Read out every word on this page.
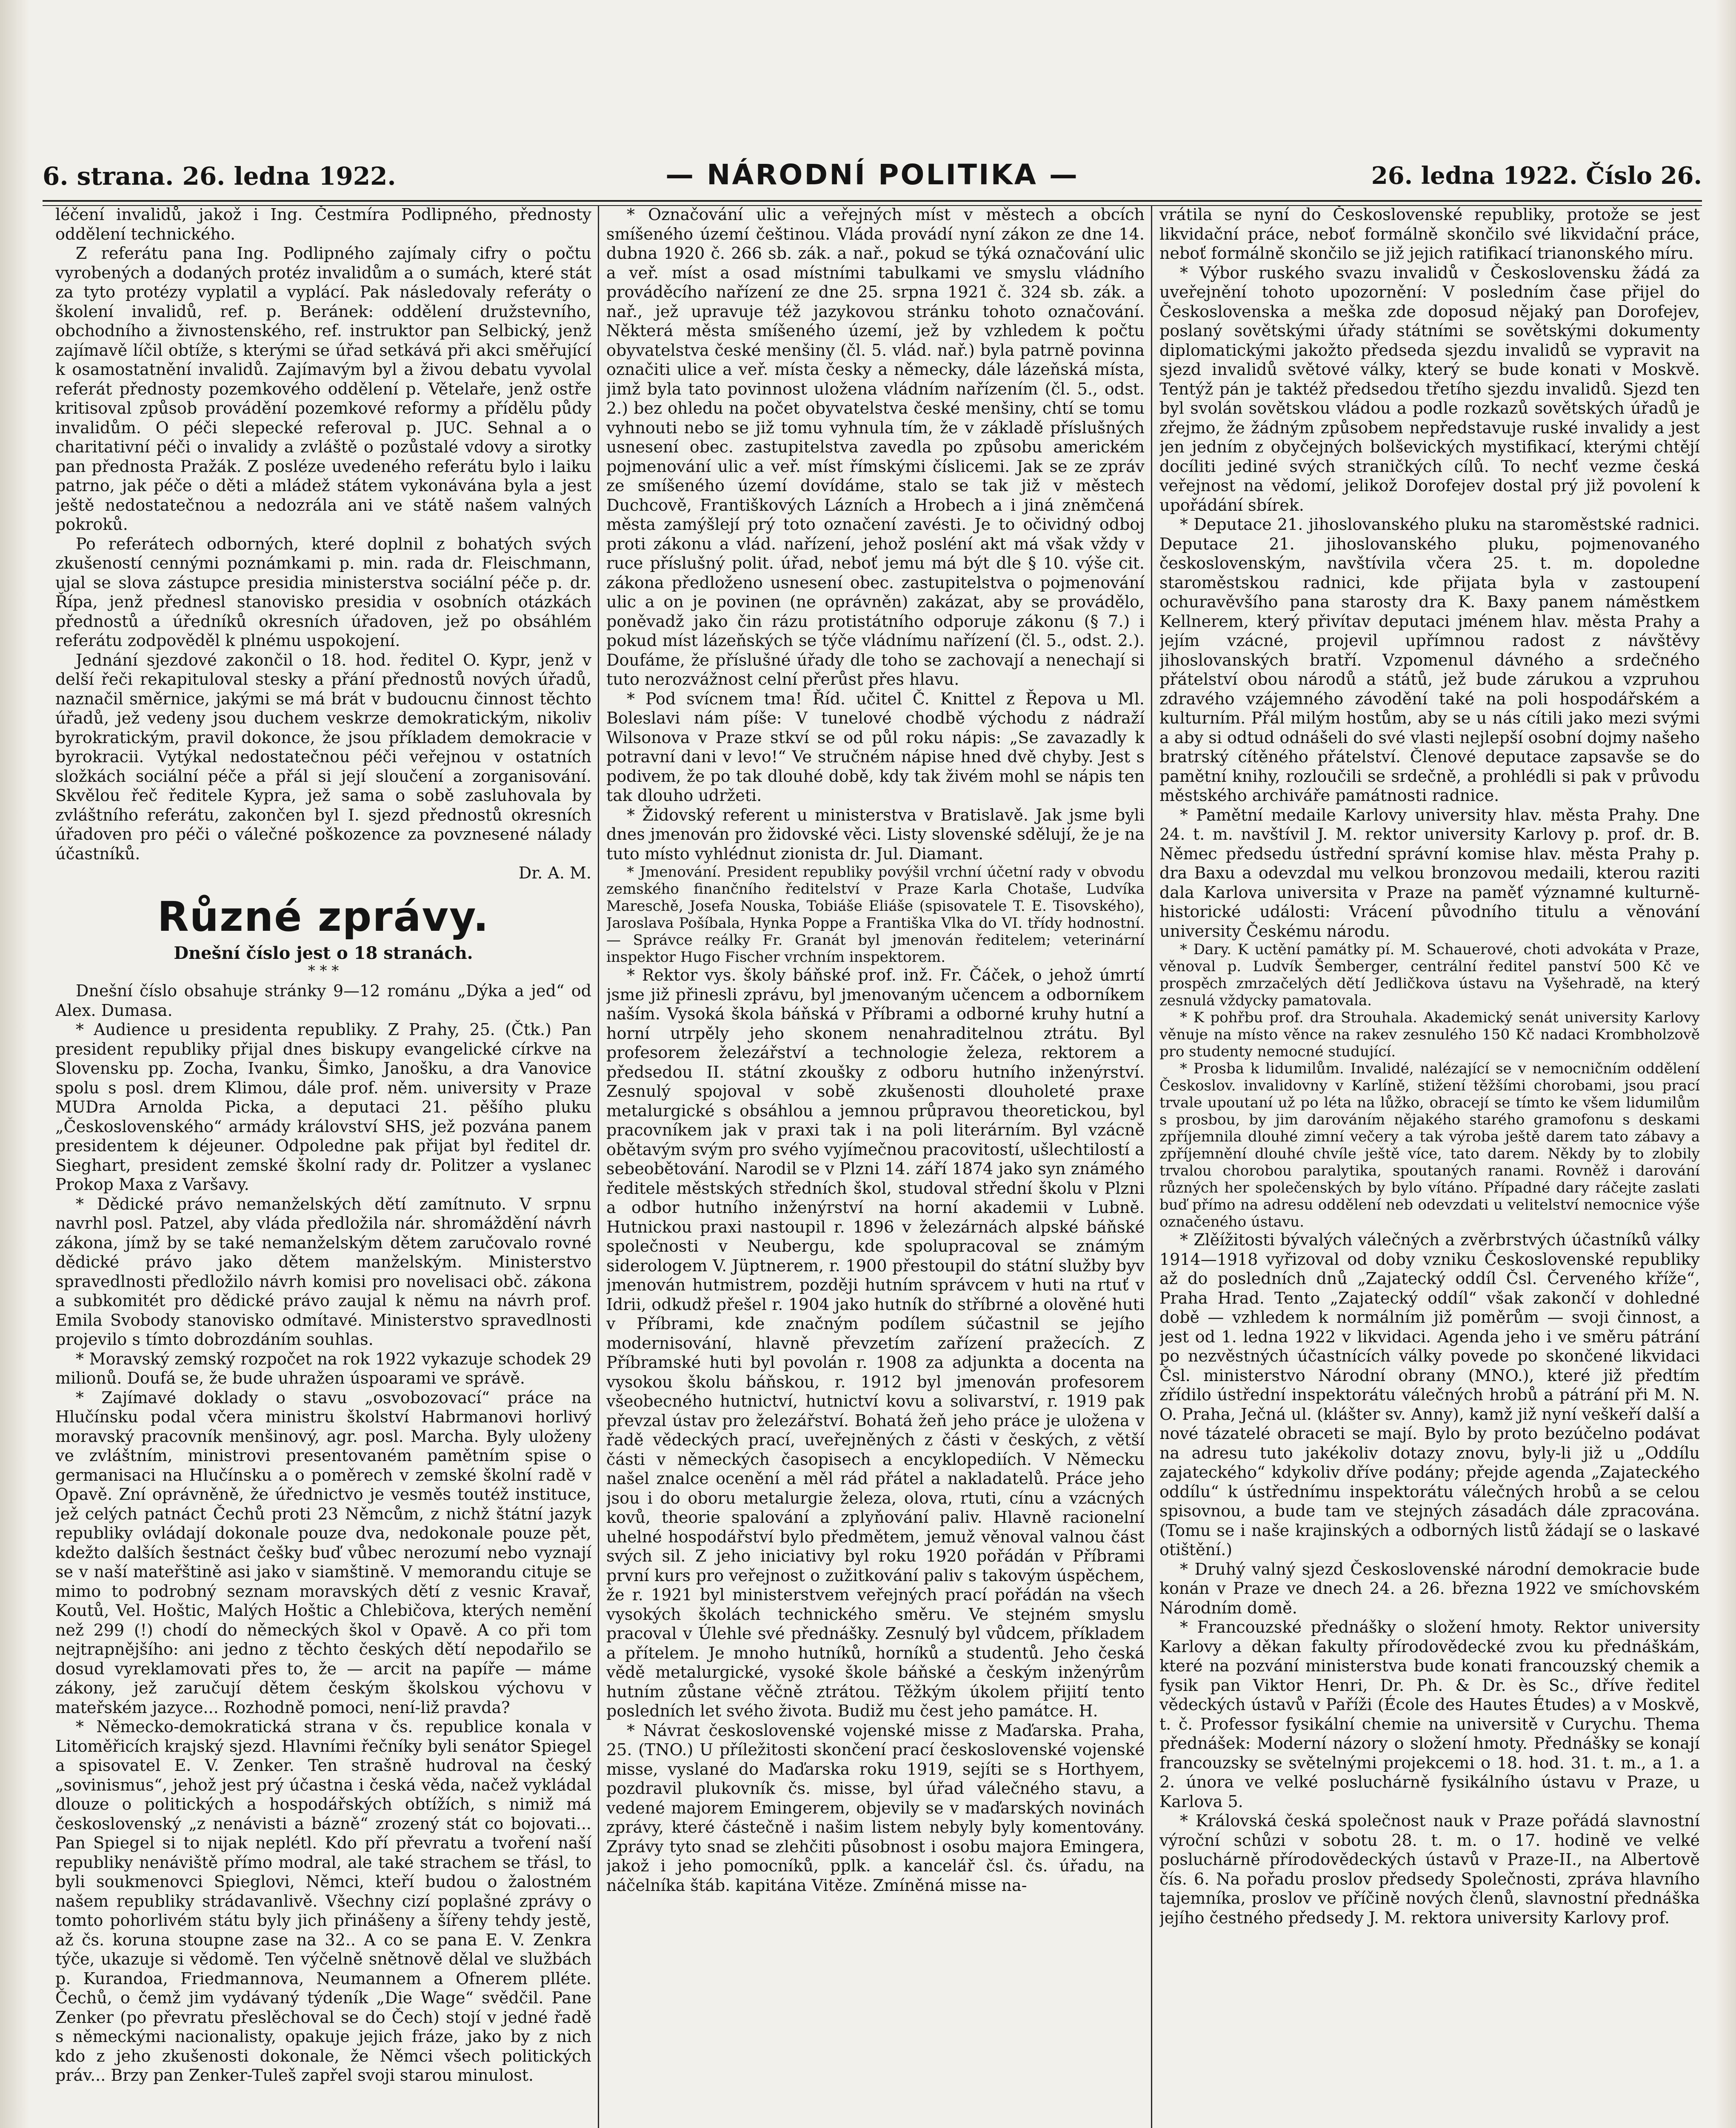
6. strana. 26. ledna 1922.	— NÁRODNÍ POLITIKA —	26. ledna 1922. Číslo 26.

léčení invalidů, jakož i Ing. Čestmíra Podlipného, přednosty oddělení technického.

Z referátu pana Ing. Podlipného zajímaly cifry o počtu vyrobených a dodaných protéz invalidům a o sumách, které stát za tyto protézy vyplatil a vyplácí. Pak následovaly referáty o školení invalidů, ref. p. Beránek: oddělení družstevního, obchodního a živnostenského, ref. instruktor pan Selbický, jenž zajímavě líčil obtíže, s kterými se úřad setkává při akci směřující k osamostatnění invalidů. Zajímavým byl a živou debatu vyvolal referát přednosty pozemkového oddělení p. Větelaře, jenž ostře kritisoval způsob provádění pozemkové reformy a přídělu půdy invalidům. O péči slepecké referoval p. JUC. Sehnal a o charitativní péči o invalidy a zvláště o pozůstalé vdovy a sirotky pan přednosta Pražák. Z posléze uvedeného referátu bylo i laiku patrno, jak péče o děti a mládež státem vykonávána byla a jest ještě nedostatečnou a nedozrála ani ve státě našem valných pokroků.

Po referátech odborných, které doplnil z bohatých svých zkušeností cennými poznámkami p. min. rada dr. Fleischmann, ujal se slova zástupce presidia ministerstva sociální péče p. dr. Řípa, jenž přednesl stanovisko presidia v osobních otázkách přednostů a úředníků okresních úřadoven, jež po obsáhlém referátu zodpověděl k plnému uspokojení.

Jednání sjezdové zakončil o 18. hod. ředitel O. Kypr, jenž v delší řeči rekapituloval stesky a přání přednostů nových úřadů, naznačil směrnice, jakými se má brát v budoucnu činnost těchto úřadů, jež vedeny jsou duchem veskrze demokratickým, nikoliv byrokratickým, pravil dokonce, že jsou příkladem demokracie v byrokracii. Vytýkal nedostatečnou péči veřejnou v ostatních složkách sociální péče a přál si její sloučení a zorganisování. Skvělou řeč ředitele Kypra, jež sama o sobě zasluhovala by zvláštního referátu, zakončen byl I. sjezd přednostů okresních úřadoven pro péči o válečné poškozence za povznesené nálady účastníků.

Dr. A. M.

Různé zprávy.

Dnešní číslo jest o 18 stranách.

* * *

Dnešní číslo obsahuje stránky 9—12 románu „Dýka a jed“ od Alex. Dumasa.

* Audience u presidenta republiky. Z Prahy, 25. (Čtk.) Pan president republiky přijal dnes biskupy evangelické církve na Slovensku pp. Zocha, Ivanku, Šimko, Janošku, a dra Vanovice spolu s posl. drem Klimou, dále prof. něm. university v Praze MUDra Arnolda Picka, a deputaci 21. pěšího pluku „Československého“ armády království SHS, jež pozvána panem presidentem k déjeuner. Odpoledne pak přijat byl ředitel dr. Sieghart, president zemské školní rady dr. Politzer a vyslanec Prokop Maxa z Varšavy.

* Dědické právo nemanželských dětí zamítnuto. V srpnu navrhl posl. Patzel, aby vláda předložila nár. shromáždění návrh zákona, jímž by se také nemanželským dětem zaručovalo rovné dědické právo jako dětem manželským. Ministerstvo spravedlnosti předložilo návrh komisi pro novelisaci obč. zákona a subkomitét pro dědické právo zaujal k němu na návrh prof. Emila Svobody stanovisko odmítavé. Ministerstvo spravedlnosti projevilo s tímto dobrozdáním souhlas.

* Moravský zemský rozpočet na rok 1922 vykazuje schodek 29 milionů. Doufá se, že bude uhražen úspoarami ve správě.

* Zajímavé doklady o stavu „osvobozovací“ práce na Hlučínsku podal včera ministru školství Habrmanovi horlivý moravský pracovník menšinový, agr. posl. Marcha. Byly uloženy ve zvláštním, ministrovi presentovaném pamětním spise o germanisaci na Hlučínsku a o poměrech v zemské školní radě v Opavě. Zní oprávněně, že úřednictvo je vesměs toutéž instituce, jež celých patnáct Čechů proti 23 Němcům, z nichž štátní jazyk republiky ovládají dokonale pouze dva, nedokonale pouze pět, kdežto dalších šestnáct češky buď vůbec nerozumí nebo vyznají se v naší mateřštině asi jako v siamštině. V memorandu cituje se mimo to podrobný seznam moravských dětí z vesnic Kravař, Koutů, Vel. Hoštic, Malých Hoštic a Chlebičova, kterých nemění než 299 (!) chodí do německých škol v Opavě. A co při tom nejtrapnějšího: ani jedno z těchto českých dětí nepodařilo se dosud vyreklamovati přes to, že — arcit na papíře — máme zákony, jež zaručují dětem českým školskou výchovu v mateřském jazyce... Rozhodně pomoci, není-liž pravda?

* Německo-demokratická strana v čs. republice konala v Litoměřicích krajský sjezd. Hlavními řečníky byli senátor Spiegel a spisovatel E. V. Zenker. Ten strašně hudroval na český „sovinismus“, jehož jest prý účastna i česká věda, načež vykládal dlouze o politických a hospodářských obtížích, s nimiž má československý „z nenávisti a bázně“ zrozený stát co bojovati... Pan Spiegel si to nijak neplétl. Kdo pří převratu a tvoření naší republiky nenáviště přímo modral, ale také strachem se třásl, to byli soukmenovci Spieglovi, Němci, kteří budou o žalostném našem republiky strádavanlivě. Všechny cizí poplašné zprávy o tomto pohorlivém státu byly jich přinášeny a šířeny tehdy jestě, až čs. koruna stoupne zase na 32.. A co se pana E. V. Zenkra týče, ukazuje si vědomě. Ten výčelně snětnově dělal ve službách p. Kurandoa, Friedmannova, Neumannem a Ofnerem plléte. Čechů, o čemž jim vydávaný týdeník „Die Wage“ svědčil. Pane Zenker (po převratu přeslěchoval se do Čech) stojí v jedné řadě s německými nacionalisty, opakuje jejich fráze, jako by z nich kdo z jeho zkušenosti dokonale, že Němci všech politických práv... Brzy pan Zenker-Tuleš zapřel svoji starou minulost.

* Označování ulic a veřejných míst v městech a obcích smíšeného území češtinou. Vláda provádí nyní zákon ze dne 14. dubna 1920 č. 266 sb. zák. a nař., pokud se týká označování ulic a veř. míst a osad místními tabulkami ve smyslu vládního prováděcího nařízení ze dne 25. srpna 1921 č. 324 sb. zák. a nař., jež upravuje též jazykovou stránku tohoto označování. Některá města smíšeného území, jež by vzhledem k počtu obyvatelstva české menšiny (čl. 5. vlád. nař.) byla patrně povinna označiti ulice a veř. místa česky a německy, dále lázeňská místa, jimž byla tato povinnost uložena vládním nařízením (čl. 5., odst. 2.) bez ohledu na počet obyvatelstva české menšiny, chtí se tomu vyhnouti nebo se již tomu vyhnula tím, že v základě příslušných usnesení obec. zastupitelstva zavedla po způsobu americkém pojmenování ulic a veř. míst římskými číslicemi. Jak se ze zpráv ze smíšeného území dovídáme, stalo se tak již v městech Duchcově, Františkových Lázních a Hrobech a i jiná zněmčená města zamýšlejí prý toto označení zavésti. Je to očividný odboj proti zákonu a vlád. nařízení, jehož posléní akt má však vždy v ruce příslušný polit. úřad, neboť jemu má být dle § 10. výše cit. zákona předloženo usnesení obec. zastupitelstva o pojmenování ulic a on je povinen (ne oprávněn) zakázat, aby se provádělo, poněvadž jako čin rázu protistátního odporuje zákonu (§ 7.) i pokud míst lázeňských se týče vládnímu nařízení (čl. 5., odst. 2.). Doufáme, že příslušné úřady dle toho se zachovají a nenechají si tuto nerozvážnost celní přerůst přes hlavu.

* Pod svícnem tma! Říd. učitel Č. Knittel z Řepova u Ml. Boleslavi nám píše: V tunelové chodbě východu z nádraží Wilsonova v Praze stkví se od půl roku nápis: „Se zavazadly k potravní dani v levo!“ Ve stručném nápise hned dvě chyby. Jest s podivem, že po tak dlouhé době, kdy tak živém mohl se nápis ten tak dlouho udržeti.

* Židovský referent u ministerstva v Bratislavě. Jak jsme byli dnes jmenován pro židovské věci. Listy slovenské sdělují, že je na tuto místo vyhlédnut zionista dr. Jul. Diamant.

* Jmenování. President republiky povýšil vrchní účetní rady v obvodu zemského finančního ředitelství v Praze Karla Chotaše, Ludvíka Mareschě, Josefa Nouska, Tobiáše Eliáše (spisovatele T. E. Tisovského), Jaroslava Pošíbala, Hynka Poppe a Františka Vlka do VI. třídy hodnostní. — Správce reálky Fr. Granát byl jmenován ředitelem; veterinární inspektor Hugo Fischer vrchním inspektorem.

* Rektor vys. školy báňské prof. inž. Fr. Čáček, o jehož úmrtí jsme již přinesli zprávu, byl jmenovaným učencem a odborníkem naším. Vysoká škola báňská v Příbrami a odborné kruhy hutní a horní utrpěly jeho skonem nenahraditelnou ztrátu. Byl profesorem železářství a technologie železa, rektorem a předsedou II. státní zkoušky z odboru hutního inženýrství. Zesnulý spojoval v sobě zkušenosti dlouholeté praxe metalurgické s obsáhlou a jemnou průpravou theoretickou, byl pracovníkem jak v praxi tak i na poli literárním. Byl vzácně obětavým svým pro svého vyjímečnou pracovitostí, ušlechtilostí a sebeobětování. Narodil se v Plzni 14. září 1874 jako syn známého ředitele městských středních škol, studoval střední školu v Plzni a odbor hutního inženýrství na horní akademii v Lubně. Hutnickou praxi nastoupil r. 1896 v železárnách alpské báňské společnosti v Neubergu, kde spolupracoval se známým siderologem V. Jüptnerem, r. 1900 přestoupil do státní služby byv jmenován hutmistrem, později hutním správcem v huti na rtuť v Idrii, odkudž přešel r. 1904 jako hutník do stříbrné a olověné huti v Příbrami, kde značným podílem súčastnil se jejího modernisování, hlavně převzetím zařízení pražecích. Z Příbramské huti byl povolán r. 1908 za adjunkta a docenta na vysokou školu báňskou, r. 1912 byl jmenován profesorem všeobecného hutnictví, hutnictví kovu a solivarství, r. 1919 pak převzal ústav pro železářství. Bohatá žeň jeho práce je uložena v řadě vědeckých prací, uveřejněných z části v českých, z větší části v německých časopisech a encyklopediích. V Německu našel znalce ocenění a měl rád přátel a nakladatelů. Práce jeho jsou i do oboru metalurgie železa, olova, rtuti, cínu a vzácných kovů, theorie spalování a zplyňování paliv. Hlavně racionelní uhelné hospodářství bylo předmětem, jemuž věnoval valnou část svých sil. Z jeho iniciativy byl roku 1920 pořádán v Příbrami první kurs pro veřejnost o zužitkování paliv s takovým úspěchem, že r. 1921 byl ministerstvem veřejných prací pořádán na všech vysokých školách technického směru. Ve stejném smyslu pracoval v Úlehle své přednášky. Zesnulý byl vůdcem, příkladem a přítelem. Je mnoho hutníků, horníků a studentů. Jeho česká vědě metalurgické, vysoké škole báňské a českým inženýrům hutním zůstane věčně ztrátou. Těžkým úkolem přijití tento posledních let svého života. Budiž mu čest jeho památce. H.

* Návrat československé vojenské misse z Maďarska. Praha, 25. (TNO.) U příležitosti skončení prací československé vojenské misse, vyslané do Maďarska roku 1919, sejíti se s Horthyem, pozdravil plukovník čs. misse, byl úřad válečného stavu, a vedené majorem Emingerem, objevily se v maďarských novinách zprávy, které částečně i našim listem nebyly byly komentovány. Zprávy tyto snad se zlehčiti působnost i osobu majora Emingera, jakož i jeho pomocníků, pplk. a kancelář čsl. čs. úřadu, na náčelníka štáb. kapitána Vitěze. Zmíněná misse na-

vrátila se nyní do Československé republiky, protože se jest likvidační práce, neboť formálně skončilo své likvidační práce, neboť formálně skončilo se již jejich ratifikací trianonského míru.

* Výbor ruského svazu invalidů v Československu žádá za uveřejnění tohoto upozornění: V posledním čase přijel do Československa a meška zde doposud nějaký pan Dorofejev, poslaný sovětskými úřady státními se sovětskými dokumenty diplomatickými jakožto předseda sjezdu invalidů se vypravit na sjezd invalidů světové války, který se bude konati v Moskvě. Tentýž pán je taktéž předsedou třetího sjezdu invalidů. Sjezd ten byl svolán sovětskou vládou a podle rozkazů sovětských úřadů je zřejmo, že žádným způsobem nepředstavuje ruské invalidy a jest jen jedním z obyčejných bolševických mystifikací, kterými chtějí docíliti jediné svých straničkých cílů. To nechť vezme česká veřejnost na vědomí, jelikož Dorofejev dostal prý již povolení k upořádání sbírek.

* Deputace 21. jihoslovanského pluku na staroměstské radnici. Deputace 21. jihoslovanského pluku, pojmenovaného československým, navštívila včera 25. t. m. dopoledne staroměstskou radnici, kde přijata byla v zastoupení ochuravěvšího pana starosty dra K. Baxy panem náměstkem Kellnerem, který přivítav deputaci jménem hlav. města Prahy a jejím vzácné, projevil upřímnou radost z návštěvy jihoslovanských bratří. Vzpomenul dávného a srdečného přátelství obou národů a států, jež bude zárukou a vzpruhou zdravého vzájemného závodění také na poli hospodářském a kulturním. Přál milým hostům, aby se u nás cítili jako mezi svými a aby si odtud odnášeli do své vlasti nejlepší osobní dojmy našeho bratrský cítěného přátelství. Členové deputace zapsavše se do pamětní knihy, rozloučili se srdečně, a prohlédli si pak v průvodu městského archiváře památnosti radnice.

* Pamětní medaile Karlovy university hlav. města Prahy. Dne 24. t. m. navštívil J. M. rektor university Karlovy p. prof. dr. B. Němec předsedu ústřední správní komise hlav. města Prahy p. dra Baxu a odevzdal mu velkou bronzovou medaili, kterou raziti dala Karlova universita v Praze na paměť významné kulturně-historické události: Vrácení původního titulu a věnování university Českému národu.

* Dary. K uctění památky pí. M. Schauerové, choti advokáta v Praze, věnoval p. Ludvík Šemberger, centrální ředitel panství 500 Kč ve prospěch zmrzačelých dětí Jedličkova ústavu na Vyšehradě, na který zesnulá vždycky pamatovala.

* K pohřbu prof. dra Strouhala. Akademický senát university Karlovy věnuje na místo věnce na rakev zesnulého 150 Kč nadaci Krombholzově pro studenty nemocné studující.

* Prosba k lidumilům. Invalidé, nalézající se v nemocničním oddělení Českoslov. invalidovny v Karlíně, stižení těžšími chorobami, jsou prací trvale upoutaní už po léta na lůžko, obracejí se tímto ke všem lidumilům s prosbou, by jim darováním nějakého starého gramofonu s deskami zpříjemnila dlouhé zimní večery a tak výroba ještě darem tato zábavy a zpříjemnění dlouhé chvíle ještě více, tato darem. Někdy by to zlobily trvalou chorobou paralytika, spoutaných ranami. Rovněž i darování různých her společenských by bylo vítáno. Případné dary ráčejte zaslati buď přímo na adresu oddělení neb odevzdati u velitelství nemocnice výše označeného ústavu.

* Zlěížitosti bývalých válečných a zvěrbrstvých účastníků války 1914—1918 vyřizoval od doby vzniku Československé republiky až do posledních dnů „Zajatecký oddíl Čsl. Červeného kříže“, Praha Hrad. Tento „Zajatecký oddíl“ však zakončí v dohledné době — vzhledem k normálním již poměrům — svoji činnost, a jest od 1. ledna 1922 v likvidaci. Agenda jeho i ve směru pátrání po nezvěstných účastnících války povede po skončené likvidaci Čsl. ministerstvo Národní obrany (MNO.), které již předtím zřídilo ústřední inspektorátu válečných hrobů a pátrání při M. N. O. Praha, Ječná ul. (klášter sv. Anny), kamž již nyní veškeří další a nové tázatelé obraceti se mají. Bylo by proto bezúčelno podávat na adresu tuto jakékoliv dotazy znovu, byly-li již u „Oddílu zajateckého“ kdykoliv dříve podány; přejde agenda „Zajateckého oddílu“ k ústřednímu inspektorátu válečných hrobů a se celou spisovnou, a bude tam ve stejných zásadách dále zpracována. (Tomu se i naše krajinských a odborných listů žádají se o laskavé otištění.)

* Druhý valný sjezd Československé národní demokracie bude konán v Praze ve dnech 24. a 26. března 1922 ve smíchovském Národním domě.

* Francouzské přednášky o složení hmoty. Rektor university Karlovy a děkan fakulty přírodovědecké zvou ku přednáškám, které na pozvání ministerstva bude konati francouzský chemik a fysik pan Viktor Henri, Dr. Ph. & Dr. ès Sc., dříve ředitel vědeckých ústavů v Paříži (École des Hautes Études) a v Moskvě, t. č. Professor fysikální chemie na universitě v Curychu. Thema přednášek: Moderní názory o složení hmoty. Přednášky se konají francouzsky se světelnými projekcemi o 18. hod. 31. t. m., a 1. a 2. února ve velké posluchárně fysikálního ústavu v Praze, u Karlova 5.

* Královská česká společnost nauk v Praze pořádá slavnostní výroční schůzi v sobotu 28. t. m. o 17. hodině ve velké posluchárně přírodovědeckých ústavů v Praze-II., na Albertově čís. 6. Na pořadu proslov předsedy Společnosti, zpráva hlavního tajemníka, proslov ve příčině nových členů, slavnostní přednáška jejího čestného předsedy J. M. rektora university Karlovy prof.
